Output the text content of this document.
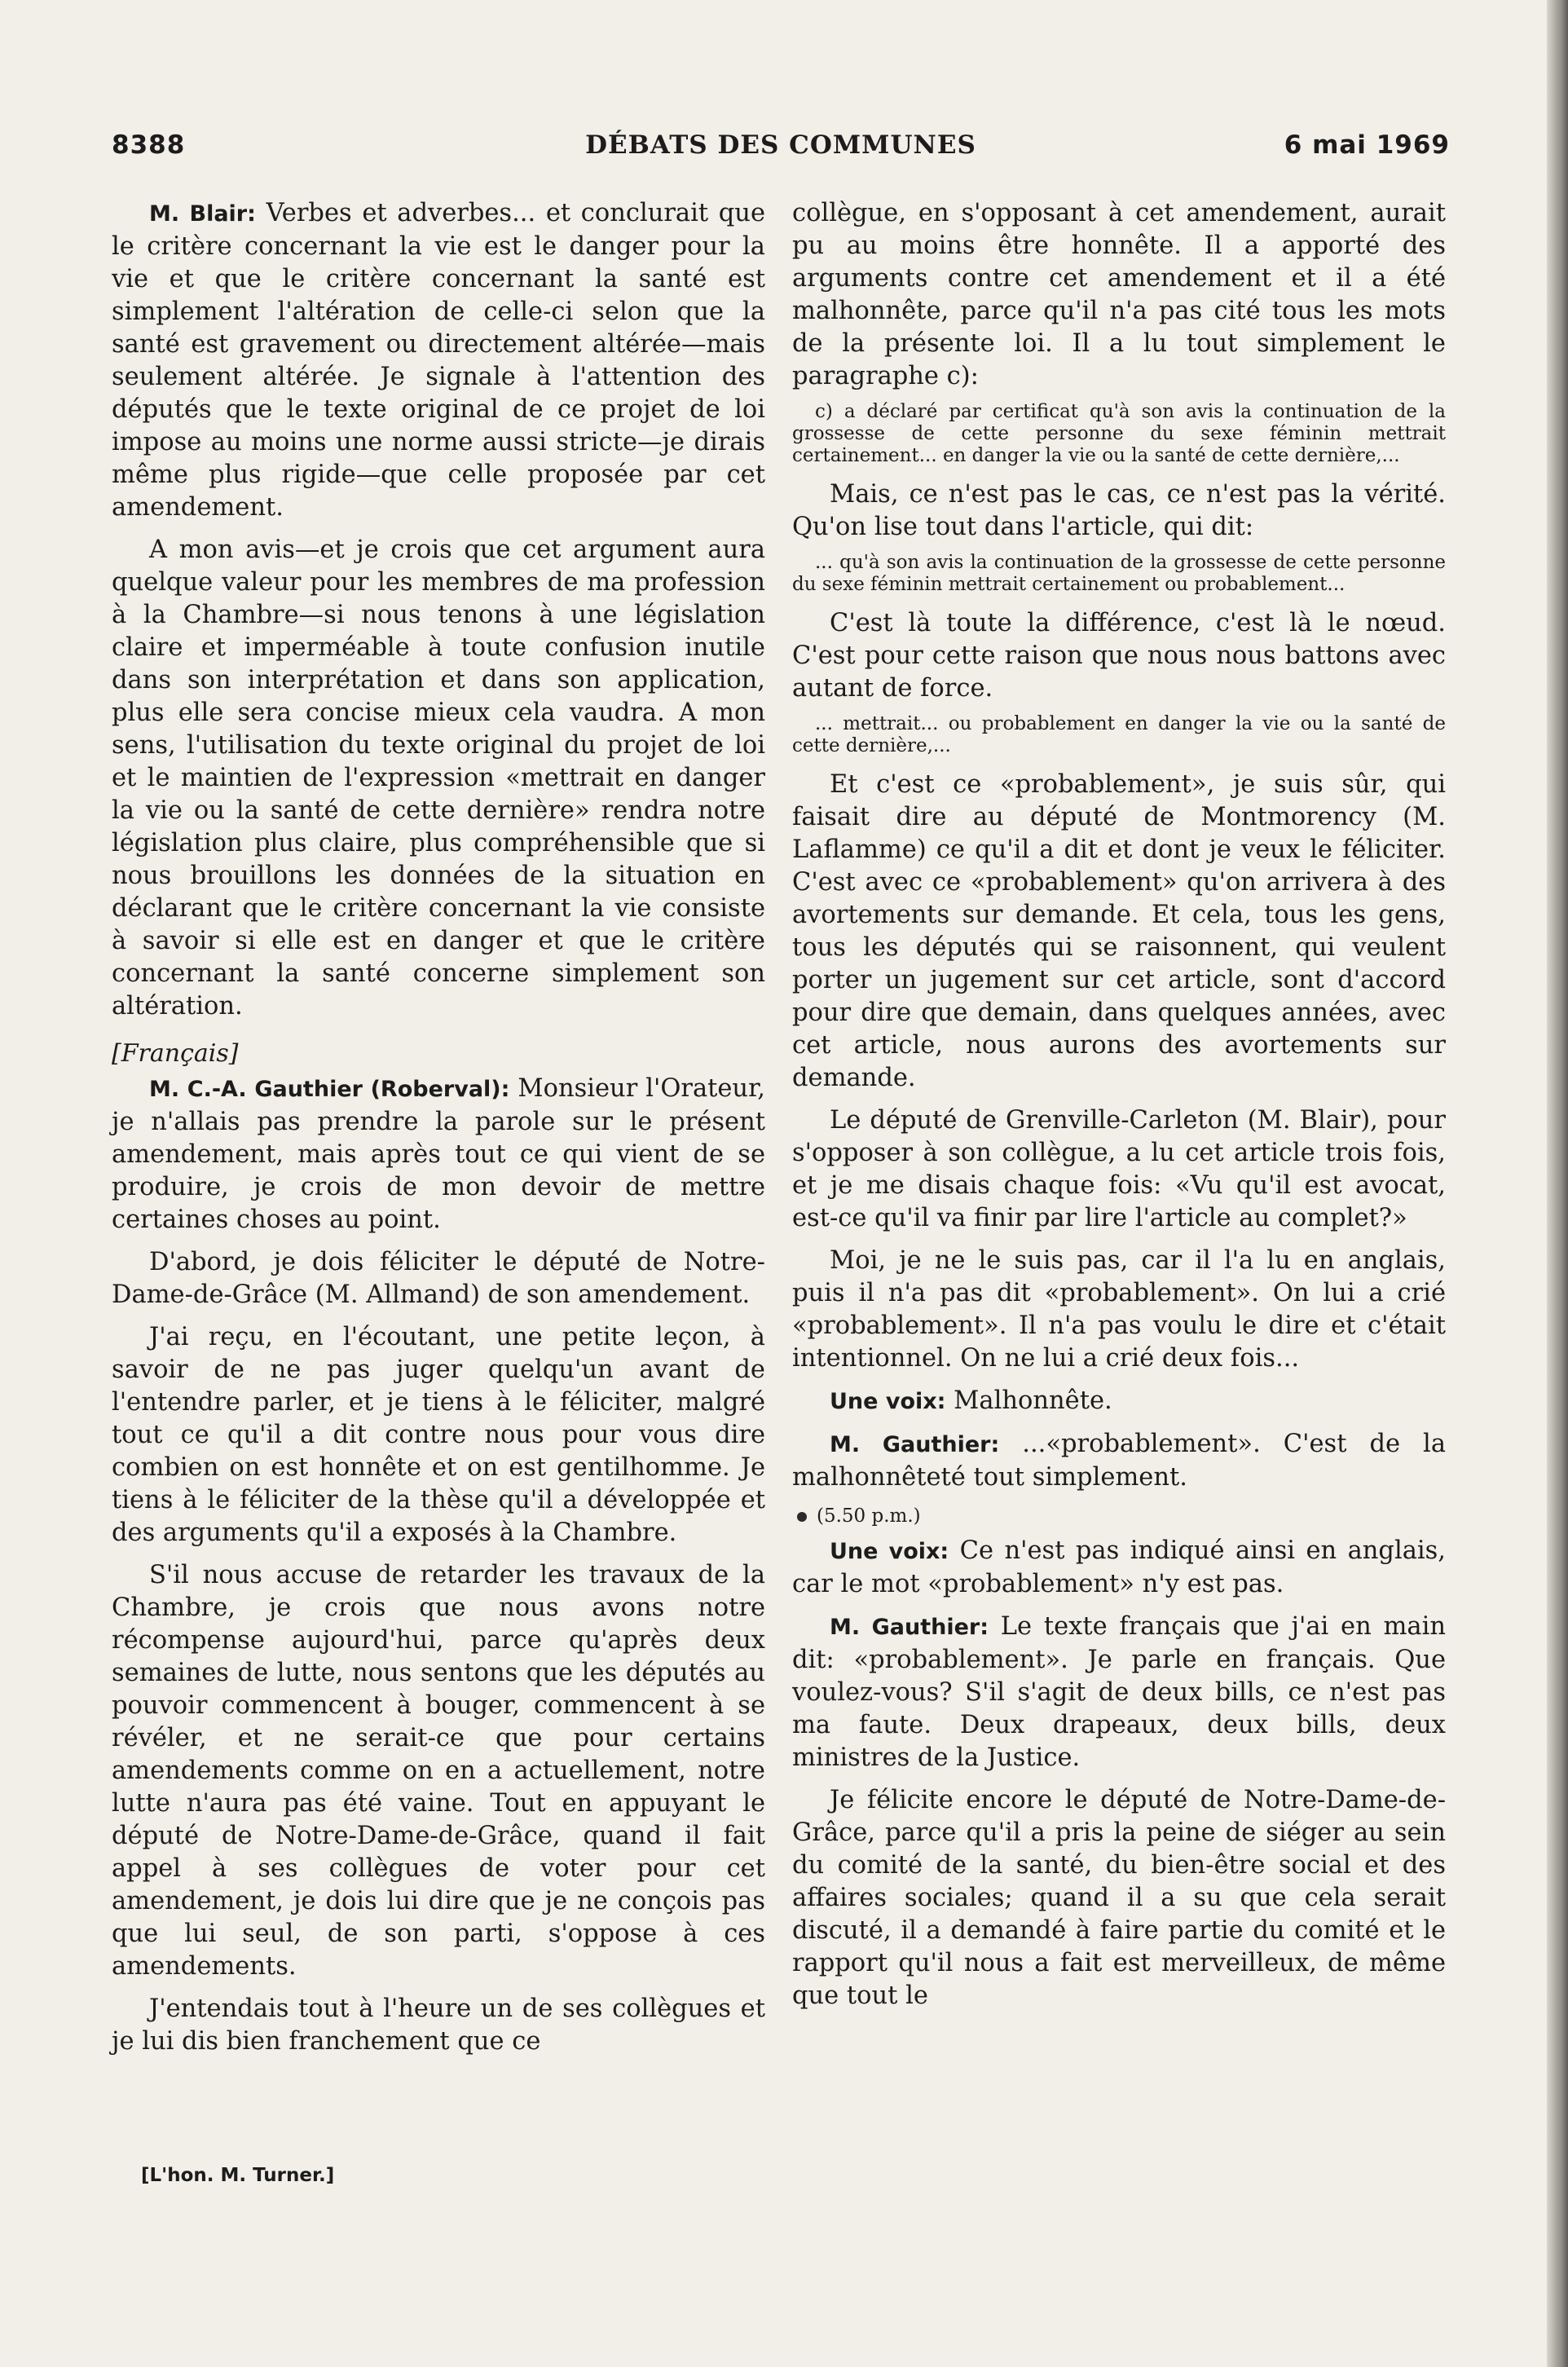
8388	DÉBATS DES COMMUNES	6 mai 1969

M. Blair: Verbes et adverbes... et conclurait que le critère concernant la vie est le danger pour la vie et que le critère concernant la santé est simplement l'altération de celle-ci selon que la santé est gravement ou directement altérée—mais seulement altérée. Je signale à l'attention des députés que le texte original de ce projet de loi impose au moins une norme aussi stricte—je dirais même plus rigide—que celle proposée par cet amendement.

A mon avis—et je crois que cet argument aura quelque valeur pour les membres de ma profession à la Chambre—si nous tenons à une législation claire et imperméable à toute confusion inutile dans son interprétation et dans son application, plus elle sera concise mieux cela vaudra. A mon sens, l'utilisation du texte original du projet de loi et le maintien de l'expression «mettrait en danger la vie ou la santé de cette dernière» rendra notre législation plus claire, plus compréhensible que si nous brouillons les données de la situation en déclarant que le critère concernant la vie consiste à savoir si elle est en danger et que le critère concernant la santé concerne simplement son altération.

[Français]

M. C.-A. Gauthier (Roberval): Monsieur l'Orateur, je n'allais pas prendre la parole sur le présent amendement, mais après tout ce qui vient de se produire, je crois de mon devoir de mettre certaines choses au point.

D'abord, je dois féliciter le député de Notre-Dame-de-Grâce (M. Allmand) de son amendement.

J'ai reçu, en l'écoutant, une petite leçon, à savoir de ne pas juger quelqu'un avant de l'entendre parler, et je tiens à le féliciter, malgré tout ce qu'il a dit contre nous pour vous dire combien on est honnête et on est gentilhomme. Je tiens à le féliciter de la thèse qu'il a développée et des arguments qu'il a exposés à la Chambre.

S'il nous accuse de retarder les travaux de la Chambre, je crois que nous avons notre récompense aujourd'hui, parce qu'après deux semaines de lutte, nous sentons que les députés au pouvoir commencent à bouger, commencent à se révéler, et ne serait-ce que pour certains amendements comme on en a actuellement, notre lutte n'aura pas été vaine. Tout en appuyant le député de Notre-Dame-de-Grâce, quand il fait appel à ses collègues de voter pour cet amendement, je dois lui dire que je ne conçois pas que lui seul, de son parti, s'oppose à ces amendements.

J'entendais tout à l'heure un de ses collègues et je lui dis bien franchement que ce

collègue, en s'opposant à cet amendement, aurait pu au moins être honnête. Il a apporté des arguments contre cet amendement et il a été malhonnête, parce qu'il n'a pas cité tous les mots de la présente loi. Il a lu tout simplement le paragraphe c):

c) a déclaré par certificat qu'à son avis la continuation de la grossesse de cette personne du sexe féminin mettrait certainement... en danger la vie ou la santé de cette dernière,...

Mais, ce n'est pas le cas, ce n'est pas la vérité. Qu'on lise tout dans l'article, qui dit:

... qu'à son avis la continuation de la grossesse de cette personne du sexe féminin mettrait certainement ou probablement...

C'est là toute la différence, c'est là le nœud. C'est pour cette raison que nous nous battons avec autant de force.

... mettrait... ou probablement en danger la vie ou la santé de cette dernière,...

Et c'est ce «probablement», je suis sûr, qui faisait dire au député de Montmorency (M. Laflamme) ce qu'il a dit et dont je veux le féliciter. C'est avec ce «probablement» qu'on arrivera à des avortements sur demande. Et cela, tous les gens, tous les députés qui se raisonnent, qui veulent porter un jugement sur cet article, sont d'accord pour dire que demain, dans quelques années, avec cet article, nous aurons des avortements sur demande.

Le député de Grenville-Carleton (M. Blair), pour s'opposer à son collègue, a lu cet article trois fois, et je me disais chaque fois: «Vu qu'il est avocat, est-ce qu'il va finir par lire l'article au complet?»

Moi, je ne le suis pas, car il l'a lu en anglais, puis il n'a pas dit «probablement». On lui a crié «probablement». Il n'a pas voulu le dire et c'était intentionnel. On ne lui a crié deux fois...

Une voix: Malhonnête.

M. Gauthier: ...«probablement». C'est de la malhonnêteté tout simplement.

(5.50 p.m.)

Une voix: Ce n'est pas indiqué ainsi en anglais, car le mot «probablement» n'y est pas.

M. Gauthier: Le texte français que j'ai en main dit: «probablement». Je parle en français. Que voulez-vous? S'il s'agit de deux bills, ce n'est pas ma faute. Deux drapeaux, deux bills, deux ministres de la Justice.

Je félicite encore le député de Notre-Dame-de-Grâce, parce qu'il a pris la peine de siéger au sein du comité de la santé, du bien-être social et des affaires sociales; quand il a su que cela serait discuté, il a demandé à faire partie du comité et le rapport qu'il nous a fait est merveilleux, de même que tout le

[L'hon. M. Turner.]
